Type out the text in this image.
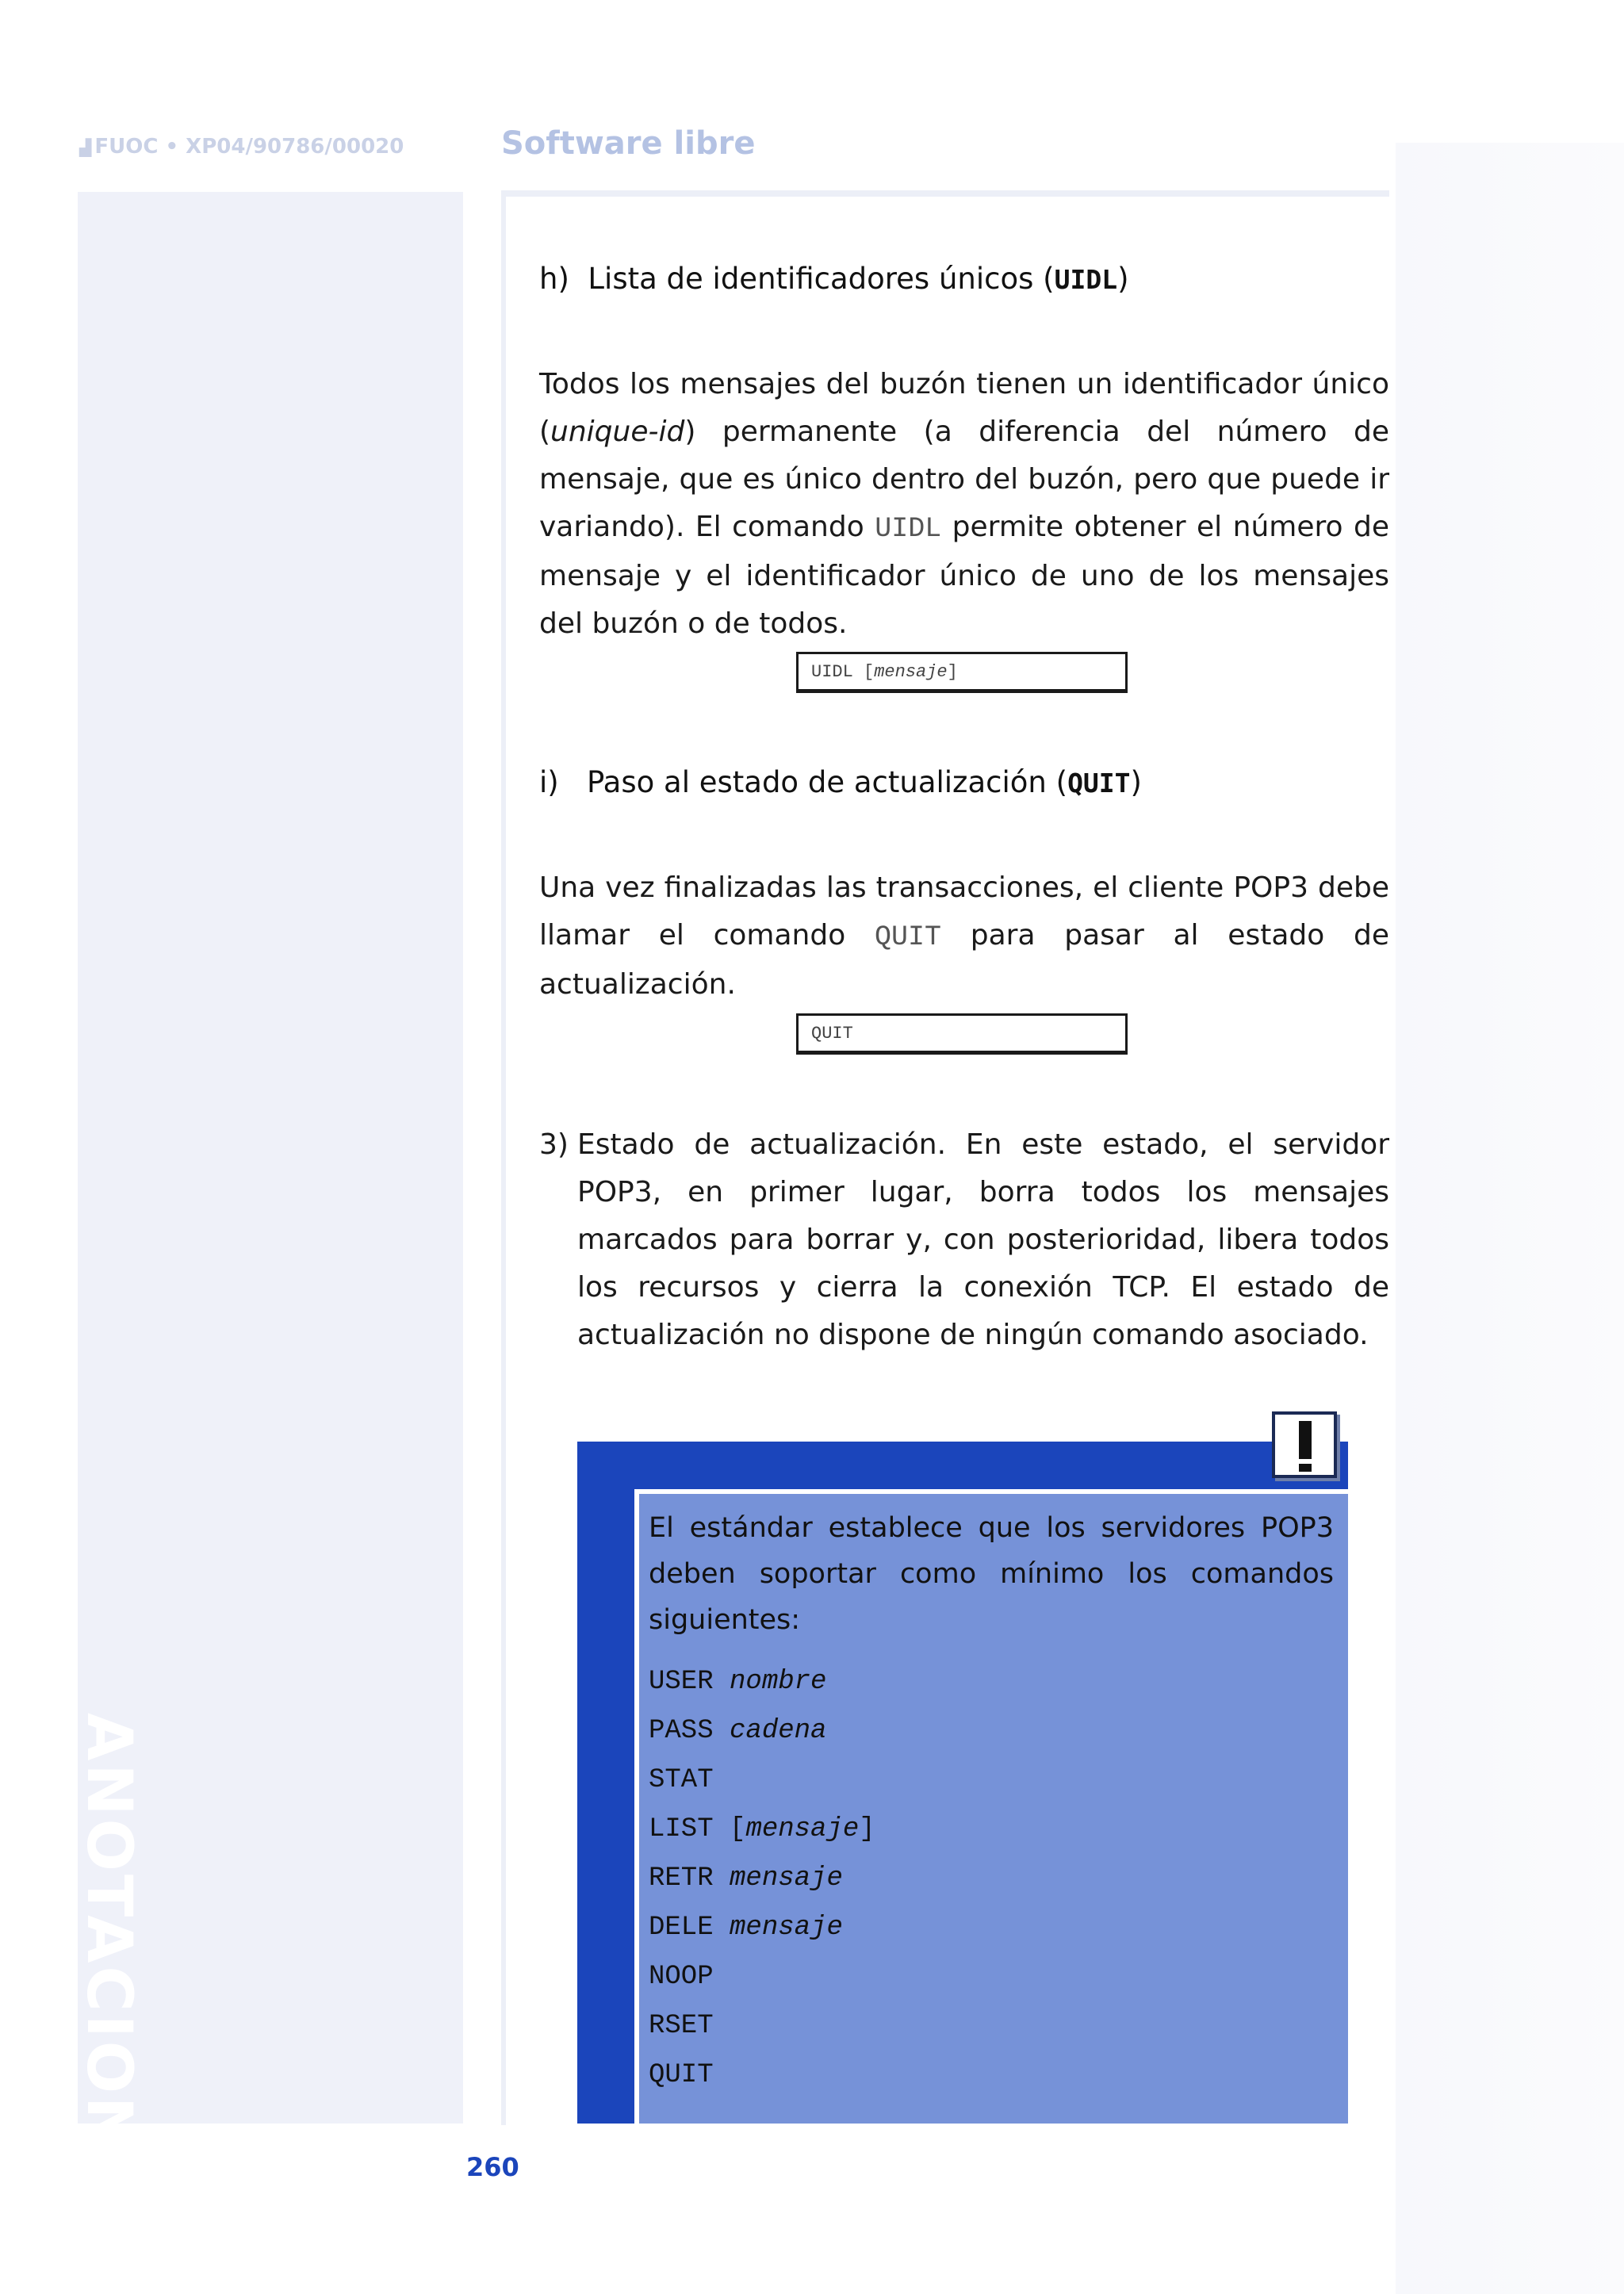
▟ FUOC • XP04/90786/00020	Software libre
ANOTACIONES
h) Lista de identificadores únicos (UIDL)
Todos los mensajes del buzón tienen un identificador único (unique-id) permanente (a diferencia del número de mensaje, que es único dentro del buzón, pero que puede ir variando). El comando UIDL permite obtener el número de mensaje y el identificador único de uno de los mensajes del buzón o de todos.
UIDL [mensaje]
i) Paso al estado de actualización (QUIT)
Una vez finalizadas las transacciones, el cliente POP3 debe llamar el comando QUIT para pasar al estado de actualización.
QUIT
3) Estado de actualización. En este estado, el servidor POP3, en primer lugar, borra todos los mensajes marcados para borrar y, con posterioridad, libera todos los recursos y cierra la conexión TCP. El estado de actualización no dispone de ningún comando asociado.
El estándar establece que los servidores POP3 deben soportar como mínimo los comandos siguientes:
USER nombre
PASS cadena
STAT
LIST [mensaje]
RETR mensaje
DELE mensaje
NOOP
RSET
QUIT
260
